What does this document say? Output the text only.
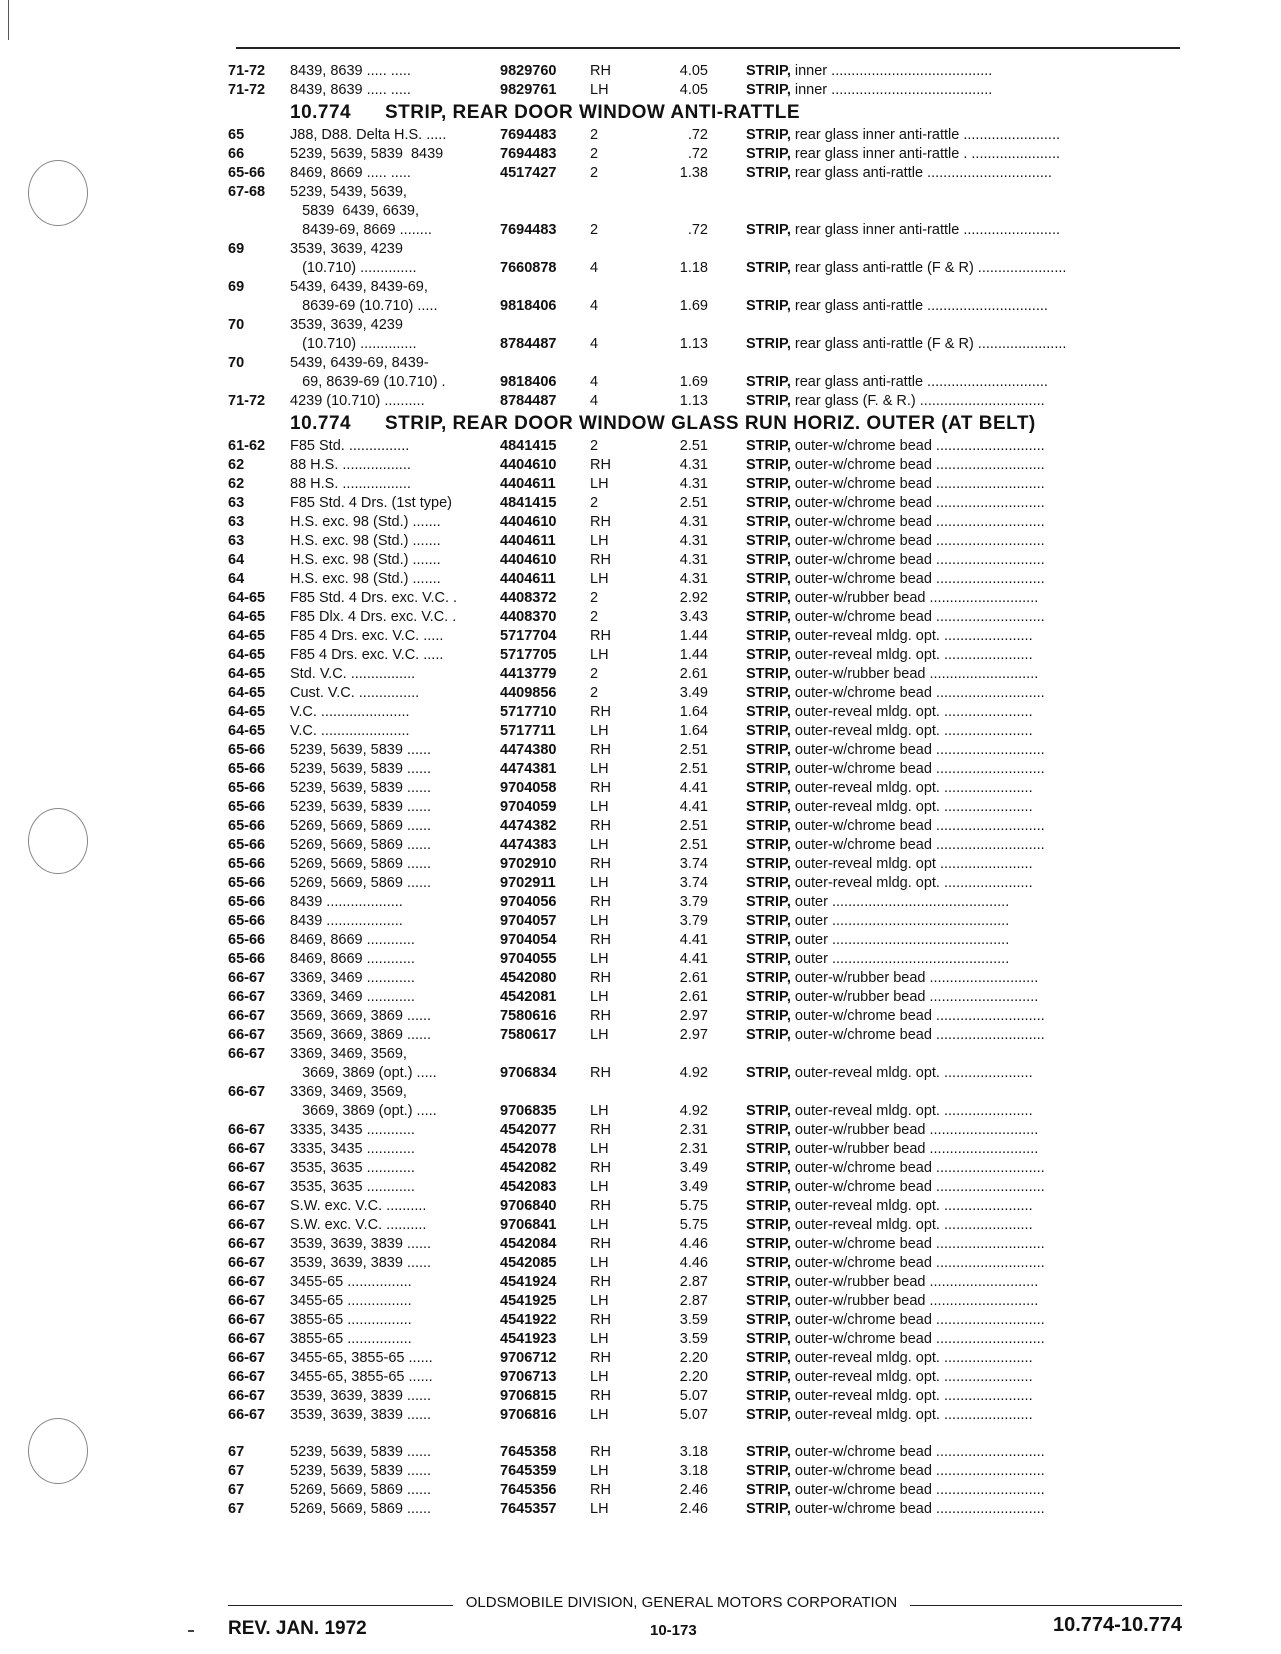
71-72	8439, 8639 ..... .....	9829760	RH	4.05	STRIP, inner ........................................
71-72	8439, 8639 ..... .....	9829761	LH	4.05	STRIP, inner ........................................
10.774 STRIP, REAR DOOR WINDOW ANTI-RATTLE
65	J88, D88. Delta H.S. .....	7694483	2	.72	STRIP, rear glass inner anti-rattle ........................
66	5239, 5639, 5839  8439	7694483	2	.72	STRIP, rear glass inner anti-rattle . ......................
65-66	8469, 8669 ..... .....	4517427	2	1.38	STRIP, rear glass anti-rattle ...............................
67-68	5239, 5439, 5639,
5839  6439, 6639,
8439-69, 8669 ........	7694483	2	.72	STRIP, rear glass inner anti-rattle ........................
69	3539, 3639, 4239
(10.710) ..............	7660878	4	1.18	STRIP, rear glass anti-rattle (F & R) ......................
69	5439, 6439, 8439-69,
8639-69 (10.710) .....	9818406	4	1.69	STRIP, rear glass anti-rattle ..............................
70	3539, 3639, 4239
(10.710) ..............	8784487	4	1.13	STRIP, rear glass anti-rattle (F & R) ......................
70	5439, 6439-69, 8439-
69, 8639-69 (10.710) .	9818406	4	1.69	STRIP, rear glass anti-rattle ..............................
71-72	4239 (10.710) ..........	8784487	4	1.13	STRIP, rear glass (F. & R.) ...............................
10.774 STRIP, REAR DOOR WINDOW GLASS RUN HORIZ. OUTER (AT BELT)
61-62	F85 Std. ...............	4841415	2	2.51	STRIP, outer-w/chrome bead ...........................
62	88 H.S. .................	4404610	RH	4.31	STRIP, outer-w/chrome bead ...........................
62	88 H.S. .................	4404611	LH	4.31	STRIP, outer-w/chrome bead ...........................
63	F85 Std. 4 Drs. (1st type)	4841415	2	2.51	STRIP, outer-w/chrome bead ...........................
63	H.S. exc. 98 (Std.) .......	4404610	RH	4.31	STRIP, outer-w/chrome bead ...........................
63	H.S. exc. 98 (Std.) .......	4404611	LH	4.31	STRIP, outer-w/chrome bead ...........................
64	H.S. exc. 98 (Std.) .......	4404610	RH	4.31	STRIP, outer-w/chrome bead ...........................
64	H.S. exc. 98 (Std.) .......	4404611	LH	4.31	STRIP, outer-w/chrome bead ...........................
64-65	F85 Std. 4 Drs. exc. V.C. .	4408372	2	2.92	STRIP, outer-w/rubber bead ...........................
64-65	F85 Dlx. 4 Drs. exc. V.C. .	4408370	2	3.43	STRIP, outer-w/chrome bead ...........................
64-65	F85 4 Drs. exc. V.C. .....	5717704	RH	1.44	STRIP, outer-reveal mldg. opt. ......................
64-65	F85 4 Drs. exc. V.C. .....	5717705	LH	1.44	STRIP, outer-reveal mldg. opt. ......................
64-65	Std. V.C. ................	4413779	2	2.61	STRIP, outer-w/rubber bead ...........................
64-65	Cust. V.C. ...............	4409856	2	3.49	STRIP, outer-w/chrome bead ...........................
64-65	V.C. ......................	5717710	RH	1.64	STRIP, outer-reveal mldg. opt. ......................
64-65	V.C. ......................	5717711	LH	1.64	STRIP, outer-reveal mldg. opt. ......................
65-66	5239, 5639, 5839 ......	4474380	RH	2.51	STRIP, outer-w/chrome bead ...........................
65-66	5239, 5639, 5839 ......	4474381	LH	2.51	STRIP, outer-w/chrome bead ...........................
65-66	5239, 5639, 5839 ......	9704058	RH	4.41	STRIP, outer-reveal mldg. opt. ......................
65-66	5239, 5639, 5839 ......	9704059	LH	4.41	STRIP, outer-reveal mldg. opt. ......................
65-66	5269, 5669, 5869 ......	4474382	RH	2.51	STRIP, outer-w/chrome bead ...........................
65-66	5269, 5669, 5869 ......	4474383	LH	2.51	STRIP, outer-w/chrome bead ...........................
65-66	5269, 5669, 5869 ......	9702910	RH	3.74	STRIP, outer-reveal mldg. opt .......................
65-66	5269, 5669, 5869 ......	9702911	LH	3.74	STRIP, outer-reveal mldg. opt. ......................
65-66	8439 ...................	9704056	RH	3.79	STRIP, outer ............................................
65-66	8439 ...................	9704057	LH	3.79	STRIP, outer ............................................
65-66	8469, 8669 ............	9704054	RH	4.41	STRIP, outer ............................................
65-66	8469, 8669 ............	9704055	LH	4.41	STRIP, outer ............................................
66-67	3369, 3469 ............	4542080	RH	2.61	STRIP, outer-w/rubber bead ...........................
66-67	3369, 3469 ............	4542081	LH	2.61	STRIP, outer-w/rubber bead ...........................
66-67	3569, 3669, 3869 ......	7580616	RH	2.97	STRIP, outer-w/chrome bead ...........................
66-67	3569, 3669, 3869 ......	7580617	LH	2.97	STRIP, outer-w/chrome bead ...........................
66-67	3369, 3469, 3569,
3669, 3869 (opt.) .....	9706834	RH	4.92	STRIP, outer-reveal mldg. opt. ......................
66-67	3369, 3469, 3569,
3669, 3869 (opt.) .....	9706835	LH	4.92	STRIP, outer-reveal mldg. opt. ......................
66-67	3335, 3435 ............	4542077	RH	2.31	STRIP, outer-w/rubber bead ...........................
66-67	3335, 3435 ............	4542078	LH	2.31	STRIP, outer-w/rubber bead ...........................
66-67	3535, 3635 ............	4542082	RH	3.49	STRIP, outer-w/chrome bead ...........................
66-67	3535, 3635 ............	4542083	LH	3.49	STRIP, outer-w/chrome bead ...........................
66-67	S.W. exc. V.C. ..........	9706840	RH	5.75	STRIP, outer-reveal mldg. opt. ......................
66-67	S.W. exc. V.C. ..........	9706841	LH	5.75	STRIP, outer-reveal mldg. opt. ......................
66-67	3539, 3639, 3839 ......	4542084	RH	4.46	STRIP, outer-w/chrome bead ...........................
66-67	3539, 3639, 3839 ......	4542085	LH	4.46	STRIP, outer-w/chrome bead ...........................
66-67	3455-65 ................	4541924	RH	2.87	STRIP, outer-w/rubber bead ...........................
66-67	3455-65 ................	4541925	LH	2.87	STRIP, outer-w/rubber bead ...........................
66-67	3855-65 ................	4541922	RH	3.59	STRIP, outer-w/chrome bead ...........................
66-67	3855-65 ................	4541923	LH	3.59	STRIP, outer-w/chrome bead ...........................
66-67	3455-65, 3855-65 ......	9706712	RH	2.20	STRIP, outer-reveal mldg. opt. ......................
66-67	3455-65, 3855-65 ......	9706713	LH	2.20	STRIP, outer-reveal mldg. opt. ......................
66-67	3539, 3639, 3839 ......	9706815	RH	5.07	STRIP, outer-reveal mldg. opt. ......................
66-67	3539, 3639, 3839 ......	9706816	LH	5.07	STRIP, outer-reveal mldg. opt. ......................
67	5239, 5639, 5839 ......	7645358	RH	3.18	STRIP, outer-w/chrome bead ...........................
67	5239, 5639, 5839 ......	7645359	LH	3.18	STRIP, outer-w/chrome bead ...........................
67	5269, 5669, 5869 ......	7645356	RH	2.46	STRIP, outer-w/chrome bead ...........................
67	5269, 5669, 5869 ......	7645357	LH	2.46	STRIP, outer-w/chrome bead ...........................
OLDSMOBILE DIVISION, GENERAL MOTORS CORPORATION
REV. JAN. 1972	10-173	10.774-10.774
